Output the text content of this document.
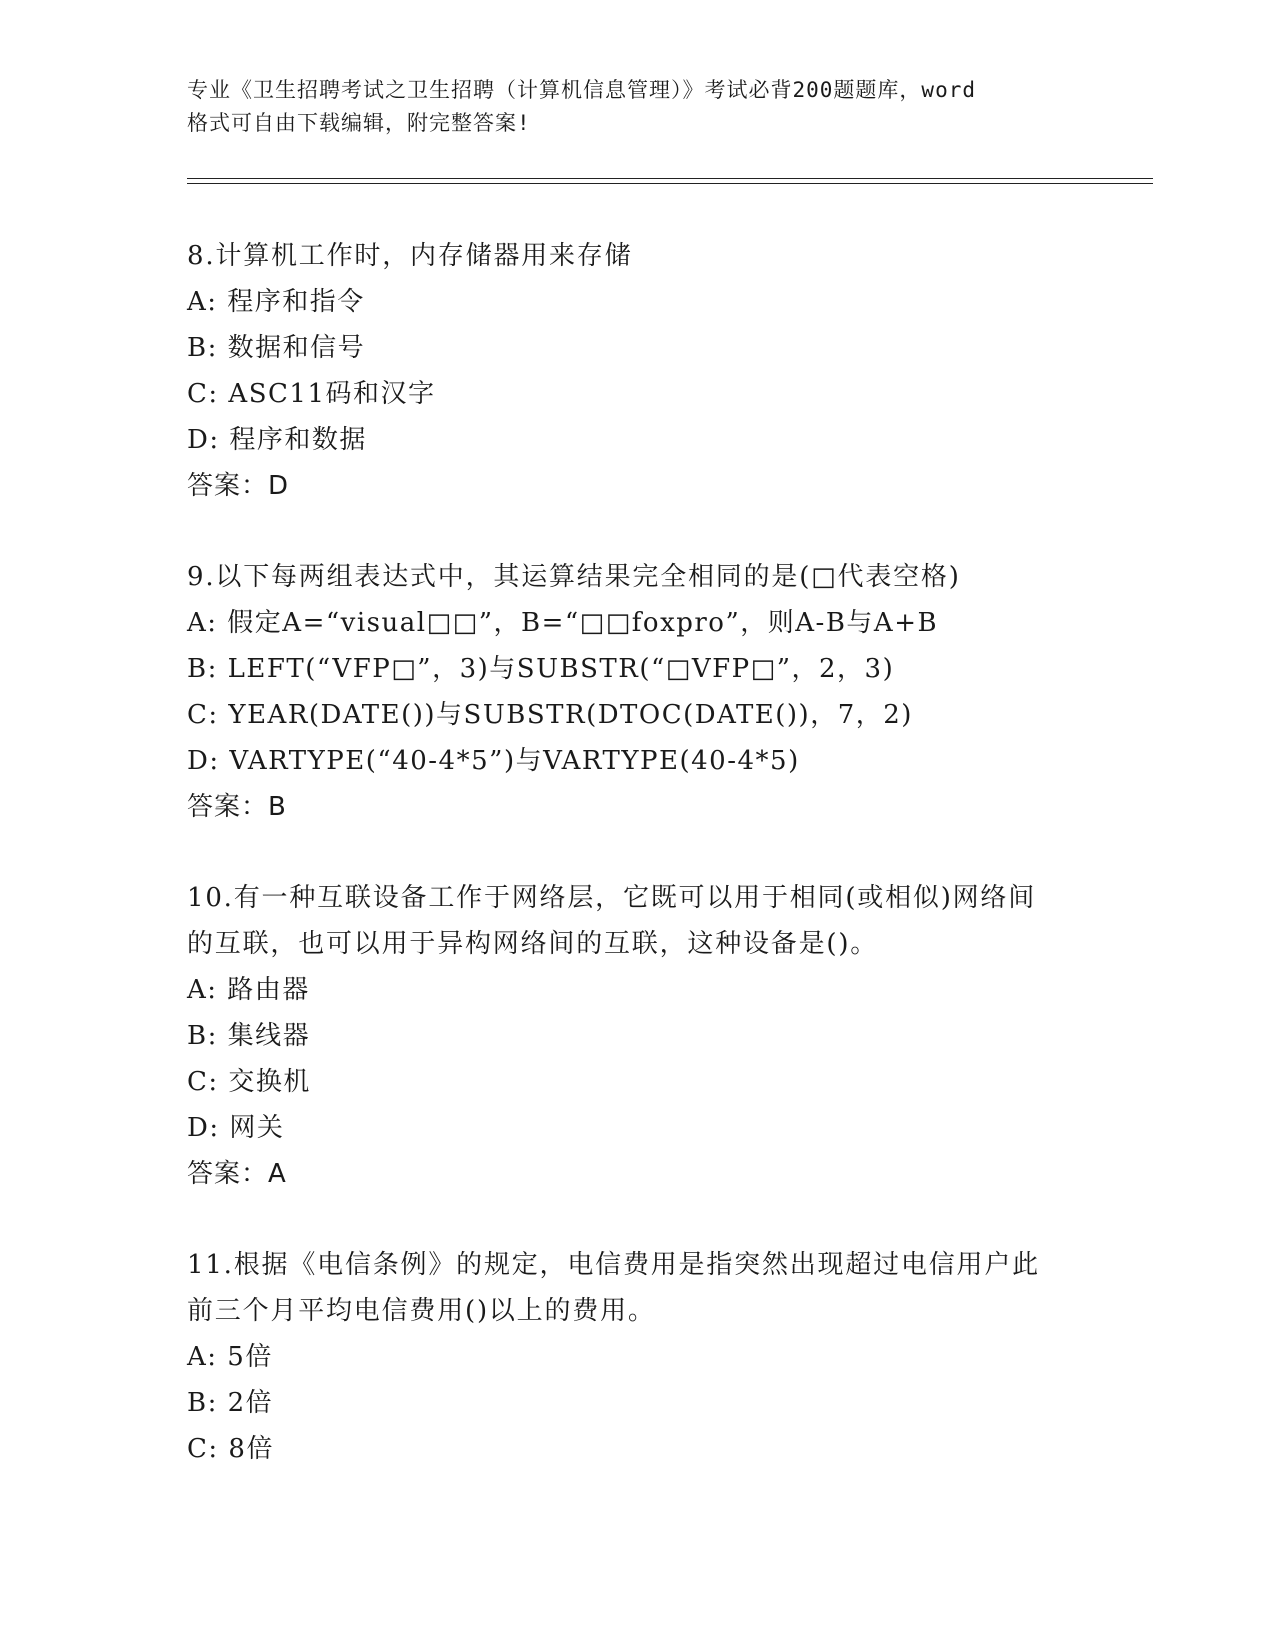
专业《卫生招聘考试之卫生招聘（计算机信息管理）》考试必背200题题库，word
格式可自由下载编辑，附完整答案!
8.计算机工作时，内存储器用来存储
A: 程序和指令
B: 数据和信号
C: ASC11码和汉字
D: 程序和数据
答案：D
9.以下每两组表达式中，其运算结果完全相同的是(□代表空格)
A: 假定A=“visual□□”，B=“□□foxpro”，则A-B与A+B
B: LEFT(“VFP□”，3)与SUBSTR(“□VFP□”，2，3)
C: YEAR(DATE())与SUBSTR(DTOC(DATE())，7，2)
D: VARTYPE(“40-4*5”)与VARTYPE(40-4*5)
答案：B
10.有一种互联设备工作于网络层，它既可以用于相同(或相似)网络间
的互联，也可以用于异构网络间的互联，这种设备是()。
A: 路由器
B: 集线器
C: 交换机
D: 网关
答案：A
11.根据《电信条例》的规定，电信费用是指突然出现超过电信用户此
前三个月平均电信费用()以上的费用。
A: 5倍
B: 2倍
C: 8倍
